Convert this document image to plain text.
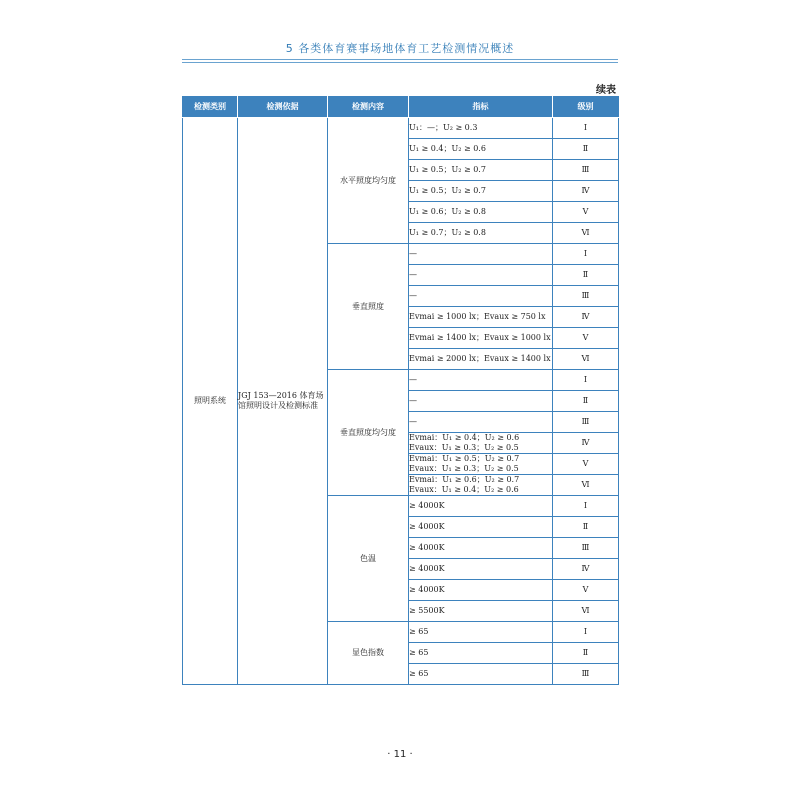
5 各类体育赛事场地体育工艺检测情况概述
续表
检测类别	检测依据	检测内容	指标	级别
照明系统	JGJ 153—2016 体育场馆照明设计及检测标准	水平照度均匀度	U₁：—；U₂ ≥ 0.3	Ⅰ

			U₁ ≥ 0.4；U₂ ≥ 0.6	Ⅱ

			U₁ ≥ 0.5；U₂ ≥ 0.7	Ⅲ

			U₁ ≥ 0.5；U₂ ≥ 0.7	Ⅳ

			U₁ ≥ 0.6；U₂ ≥ 0.8	Ⅴ

			U₁ ≥ 0.7；U₂ ≥ 0.8	Ⅵ
		垂直照度	—	Ⅰ

			—	Ⅱ

			—	Ⅲ

			Evmai ≥ 1000 lx；Evaux ≥ 750 lx	Ⅳ

			Evmai ≥ 1400 lx；Evaux ≥ 1000 lx	Ⅴ

			Evmai ≥ 2000 lx；Evaux ≥ 1400 lx	Ⅵ
		垂直照度均匀度	—	Ⅰ

			—	Ⅱ

			—	Ⅲ

			Evmai：U₁ ≥ 0.4；U₂ ≥ 0.6
Evaux：U₁ ≥ 0.3；U₂ ≥ 0.5	Ⅳ

			Evmai：U₁ ≥ 0.5；U₂ ≥ 0.7
Evaux：U₁ ≥ 0.3；U₂ ≥ 0.5	Ⅴ

			Evmai：U₁ ≥ 0.6；U₂ ≥ 0.7
Evaux：U₁ ≥ 0.4；U₂ ≥ 0.6	Ⅵ
		色温	≥ 4000K	Ⅰ

			≥ 4000K	Ⅱ

			≥ 4000K	Ⅲ

			≥ 4000K	Ⅳ

			≥ 4000K	Ⅴ

			≥ 5500K	Ⅵ
		显色指数	≥ 65	Ⅰ

			≥ 65	Ⅱ

			≥ 65	Ⅲ
· 11 ·
